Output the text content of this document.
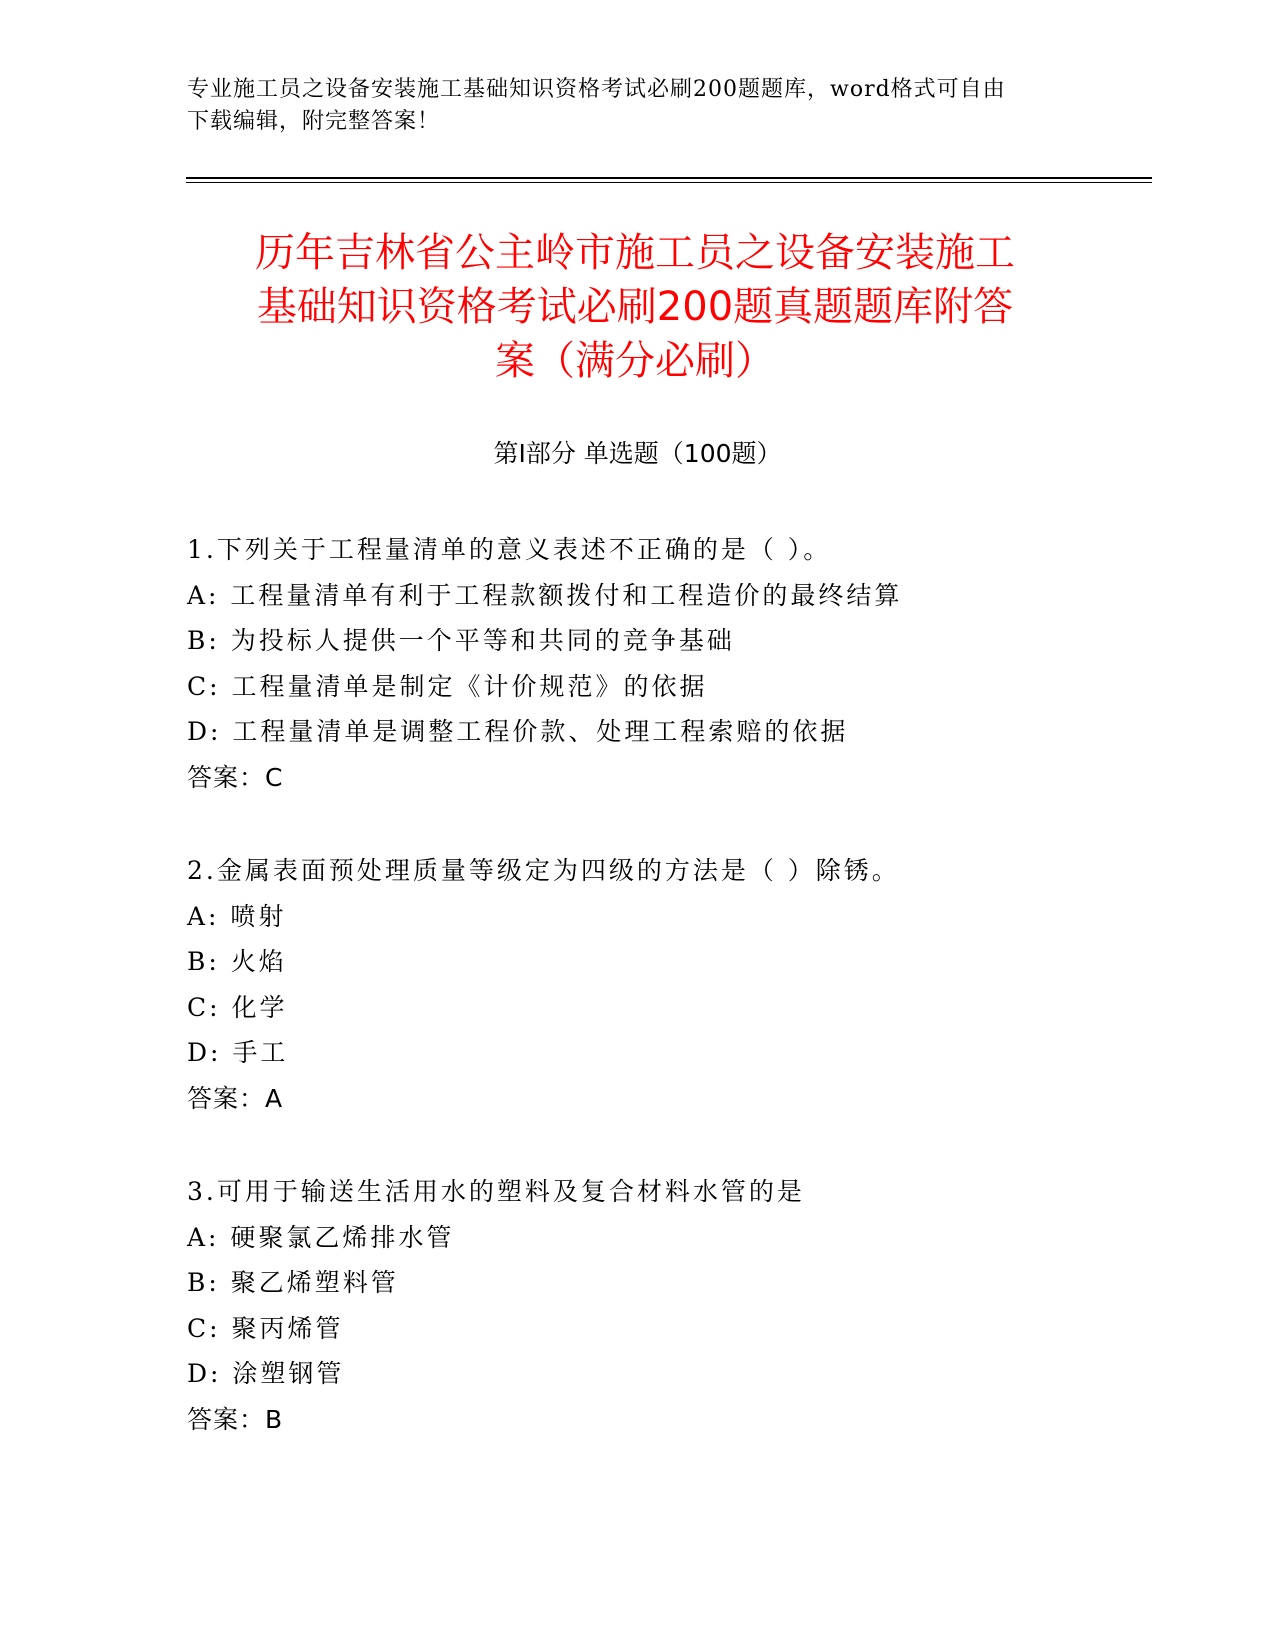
专业施工员之设备安装施工基础知识资格考试必刷200题题库，word格式可自由
下载编辑，附完整答案！
历年吉林省公主岭市施工员之设备安装施工
基础知识资格考试必刷200题真题题库附答
案（满分必刷）
第Ⅰ部分 单选题（100题）
1.下列关于工程量清单的意义表述不正确的是（ ）。
A: 工程量清单有利于工程款额拨付和工程造价的最终结算
B: 为投标人提供一个平等和共同的竞争基础
C: 工程量清单是制定《计价规范》的依据
D: 工程量清单是调整工程价款、处理工程索赔的依据
答案：C
2.金属表面预处理质量等级定为四级的方法是（ ）除锈。
A: 喷射
B: 火焰
C: 化学
D: 手工
答案：A
3.可用于输送生活用水的塑料及复合材料水管的是
A: 硬聚氯乙烯排水管
B: 聚乙烯塑料管
C: 聚丙烯管
D: 涂塑钢管
答案：B
